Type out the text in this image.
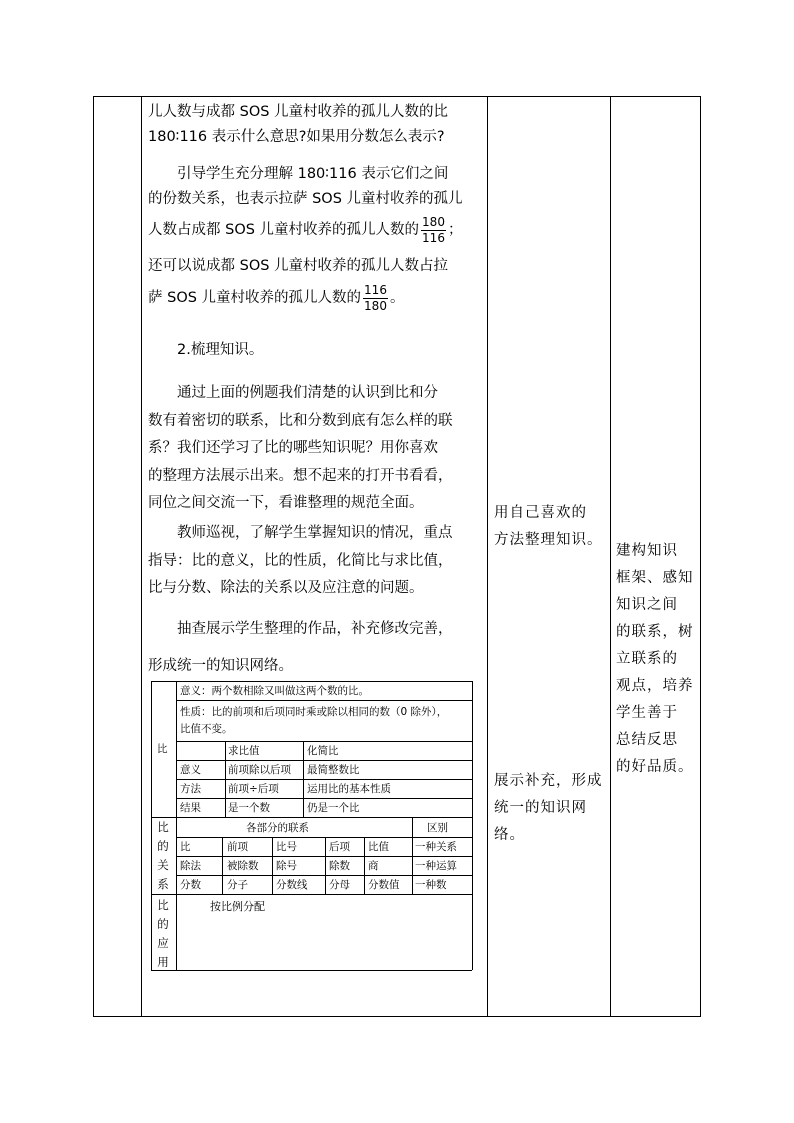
儿人数与成都 SOS 儿童村收养的孤儿人数的比

180∶116 表示什么意思?如果用分数怎么表示?

引导学生充分理解 180∶116 表示它们之间

的份数关系，也表示拉萨 SOS 儿童村收养的孤儿

人数占成都 SOS 儿童村收养的孤儿人数的 $\frac{180}{116}$ ；

还可以说成都 SOS 儿童村收养的孤儿人数占拉

萨 SOS 儿童村收养的孤儿人数的 $\frac{116}{180}$ 。

2.梳理知识。

通过上面的例题我们清楚的认识到比和分

数有着密切的联系，比和分数到底有怎么样的联

系？我们还学习了比的哪些知识呢？用你喜欢

的整理方法展示出来。想不起来的打开书看看，

同位之间交流一下，看谁整理的规范全面。

教师巡视，了解学生掌握知识的情况，重点

指导：比的意义，比的性质，化简比与求比值，

比与分数、除法的关系以及应注意的问题。

抽查展示学生整理的作品，补充修改完善，

形成统一的知识网络。

意义：两个数相除又叫做这两个数的比。
性质：比的前项和后项同时乘或除以相同的数（0 除外），
比值不变。
比	求比值	化简比
意义	前项除以后项 最简整数比
方法	前项÷后项	运用比的基本性质
结果	是一个数	仍是一个比
比
的
关
系
各部分的联系	区别
比	前项	比号	后项 比值 一种关系
除法 被除数 除号	除数 商	一种运算
分数 分子	分数线 分母 分数值 一种数
比
的
应
用
按比例分配

用自己喜欢的

方法整理知识。

展示补充，形成

统一的知识网

络。

建构知识

框架、感知

知识之间

的联系，树

立联系的

观点，培养

学生善于

总结反思

的好品质。
